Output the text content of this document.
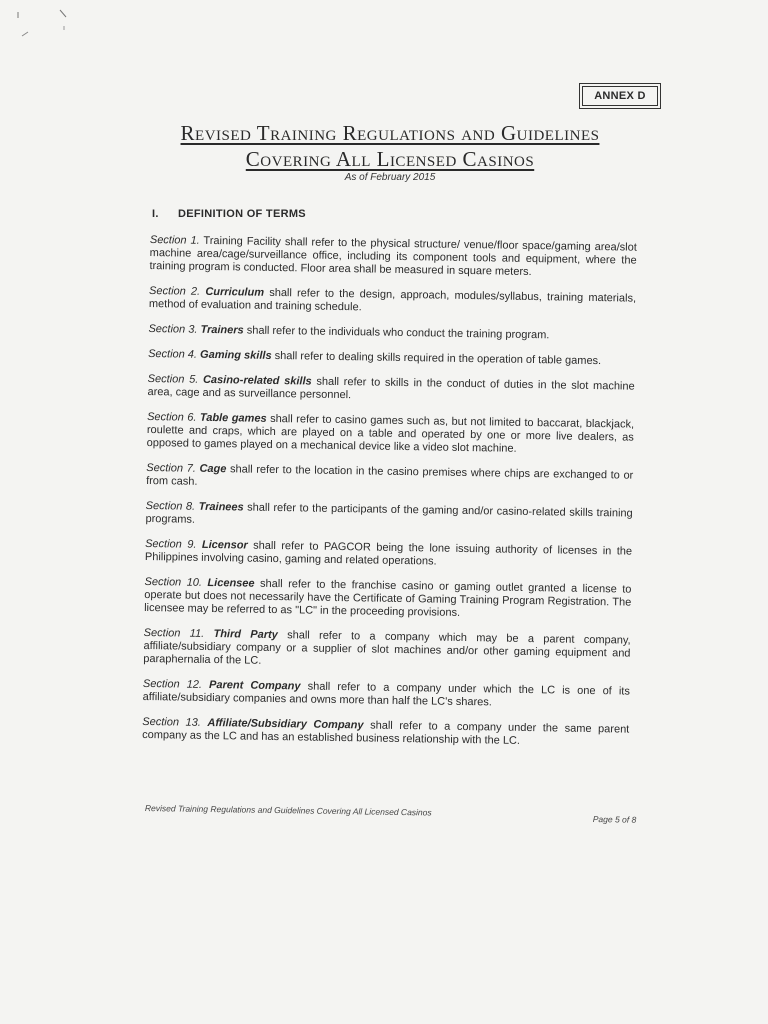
ANNEX D
Revised Training Regulations and Guidelines
Covering All Licensed Casinos
As of February 2015
I. DEFINITION OF TERMS

Section 1. Training Facility shall refer to the physical structure/ venue/floor space/gaming area/slot machine area/cage/surveillance office, including its component tools and equipment, where the training program is conducted. Floor area shall be measured in square meters.

Section 2. Curriculum shall refer to the design, approach, modules/syllabus, training materials, method of evaluation and training schedule.

Section 3. Trainers shall refer to the individuals who conduct the training program.

Section 4. Gaming skills shall refer to dealing skills required in the operation of table games.

Section 5. Casino-related skills shall refer to skills in the conduct of duties in the slot machine area, cage and as surveillance personnel.

Section 6. Table games shall refer to casino games such as, but not limited to baccarat, blackjack, roulette and craps, which are played on a table and operated by one or more live dealers, as opposed to games played on a mechanical device like a video slot machine.

Section 7. Cage shall refer to the location in the casino premises where chips are exchanged to or from cash.

Section 8. Trainees shall refer to the participants of the gaming and/or casino-related skills training programs.

Section 9. Licensor shall refer to PAGCOR being the lone issuing authority of licenses in the Philippines involving casino, gaming and related operations.

Section 10. Licensee shall refer to the franchise casino or gaming outlet granted a license to operate but does not necessarily have the Certificate of Gaming Training Program Registration. The licensee may be referred to as "LC" in the proceeding provisions.

Section 11. Third Party shall refer to a company which may be a parent company, affiliate/subsidiary company or a supplier of slot machines and/or other gaming equipment and paraphernalia of the LC.

Section 12. Parent Company shall refer to a company under which the LC is one of its affiliate/subsidiary companies and owns more than half the LC's shares.

Section 13. Affiliate/Subsidiary Company shall refer to a company under the same parent company as the LC and has an established business relationship with the LC.

Revised Training Regulations and Guidelines Covering All Licensed Casinos
Page 5 of 8
